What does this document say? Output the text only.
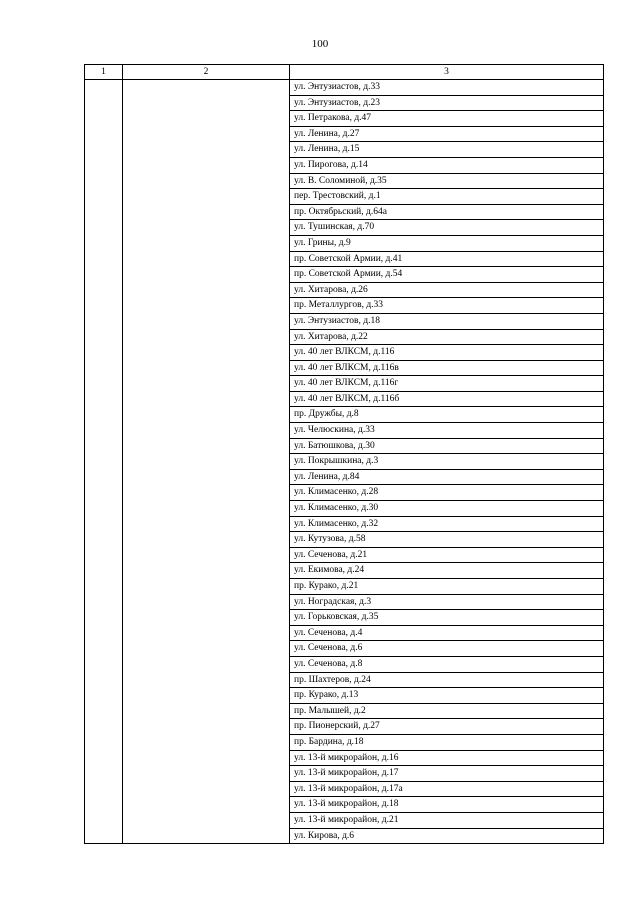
100
1	2	3
		ул. Энтузиастов, д.33
		ул. Энтузиастов, д.23
		ул. Петракова, д.47
		ул. Ленина, д.27
		ул. Ленина, д.15
		ул. Пирогова, д.14
		ул. В. Соломиной, д.35
		пер. Трестовский, д.1
		пр. Октябрьский, д.64а
		ул. Тушинская, д.70
		ул. Грины, д.9
		пр. Советской Армии, д.41
		пр. Советской Армии, д.54
		ул. Хитарова, д.26
		пр. Металлургов, д.33
		ул. Энтузиастов, д.18
		ул. Хитарова, д.22
		ул. 40 лет ВЛКСМ, д.116
		ул. 40 лет ВЛКСМ, д.116в
		ул. 40 лет ВЛКСМ, д.116г
		ул. 40 лет ВЛКСМ, д.116б
		пр. Дружбы, д.8
		ул. Челюскина, д.33
		ул. Батюшкова, д.30
		ул. Покрышкина, д.3
		ул. Ленина, д.84
		ул. Климасенко, д.28
		ул. Климасенко, д.30
		ул. Климасенко, д.32
		ул. Кутузова, д.58
		ул. Сеченова, д.21
		ул. Екимова, д.24
		пр. Курако, д.21
		ул. Ноградская, д.3
		ул. Горьковская, д.35
		ул. Сеченова, д.4
		ул. Сеченова, д.6
		ул. Сеченова, д.8
		пр. Шахтеров, д.24
		пр. Курако, д.13
		пр. Малышей, д.2
		пр. Пионерский, д.27
		пр. Бардина, д.18
		ул. 13-й микрорайон, д.16
		ул. 13-й микрорайон, д.17
		ул. 13-й микрорайон, д.17а
		ул. 13-й микрорайон, д.18
		ул. 13-й микрорайон, д.21
		ул. Кирова, д.6
